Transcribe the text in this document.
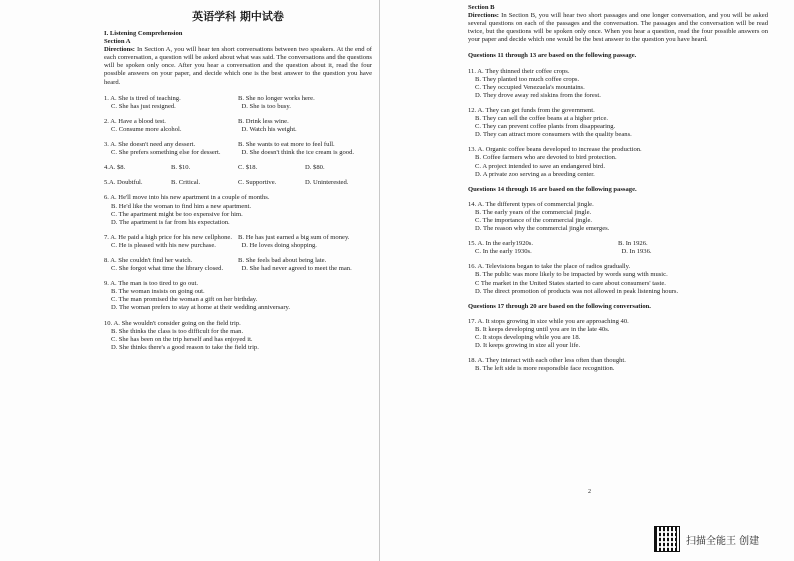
英语学科 期中试卷
I. Listening Comprehension
Section A
Directions: In Section A, you will hear ten short conversations between two speakers. At the end of each conversation, a question will be asked about what was said. The conversations and the questions will be spoken only once. After you hear a conversation and the question about it, read the four possible answers on your paper, and decide which one is the best answer to the question you have heard.
1. A. She is tired of teaching.	B. She no longer works here.
C. She has just resigned.	D. She is too busy.
2. A. Have a blood test.	B. Drink less wine.
C. Consume more alcohol.	D. Watch his weight.
3. A. She doesn't need any dessert.	B. She wants to eat more to feel full.
C. She prefers something else for dessert.	D. She doesn't think the ice cream is good.
4.A. $8.	B. $10.	C. $18.	D. $80.
5.A. Doubtful.	B. Critical.	C. Supportive.	D. Uninterested.
6. A. He'll move into his new apartment in a couple of months.
B. He'd like the woman to find him a new apartment.
C. The apartment might be too expensive for him.
D. The apartment is far from his expectation.
7. A. He paid a high price for his new cellphone. B. He has just earned a big sum of money.
C. He is pleased with his new purchase.	D. He loves doing shopping.
8. A. She couldn't find her watch.	B. She feels bad about being late.
C. She forgot what time the library closed.	D. She had never agreed to meet the man.
9. A. The man is too tired to go out.
B. The woman insists on going out.
C. The man promised the woman a gift on her birthday.
D. The woman prefers to stay at home at their wedding anniversary.
10. A. She wouldn't consider going on the field trip.
B. She thinks the class is too difficult for the man.
C. She has been on the trip herself and has enjoyed it.
D. She thinks there's a good reason to take the field trip.
Section B
Directions: In Section B, you will hear two short passages and one longer conversation, and you will be asked several questions on each of the passages and the conversation. The passages and the conversation will be read twice, but the questions will be spoken only once. When you hear a question, read the four possible answers on your paper and decide which one would be the best answer to the question you have heard.
Questions 11 through 13 are based on the following passage.
11. A. They thinned their coffee crops.
B. They planted too much coffee crops.
C. They occupied Venezuela's mountains.
D. They drove away red siskins from the forest.
12. A. They can get funds from the government.
B. They can sell the coffee beans at a higher price.
C. They can prevent coffee plants from disappearing.
D. They can attract more consumers with the quality beans.
13. A. Organic coffee beans developed to increase the production.
B. Coffee farmers who are devoted to bird protection.
C. A project intended to save an endangered bird.
D. A private zoo serving as a breeding center.
Questions 14 through 16 are based on the following passage.
14. A. The different types of commercial jingle.
B. The early years of the commercial jingle.
C. The importance of the commercial jingle.
D. The reason why the commercial jingle emerges.
15. A. In the early1920s.	B. In 1926.
C. In the early 1930s.	D. In 1936.
16. A. Televisions began to take the place of radios gradually.
B. The public was more likely to be impacted by words sung with music.
C The market in the United States started to care about consumers' taste.
D. The direct promotion of products was not allowed in peak listening hours.
Questions 17 through 20 are based on the following conversation.
17. A. It stops growing in size while you are approaching 40.
B. It keeps developing until you are in the late 40s.
C. It stops developing while you are 18.
D. It keeps growing in size all your life.
18. A. They interact with each other less often than thought.
B. The left side is more responsible face recognition.
2
扫描全能王 创建
